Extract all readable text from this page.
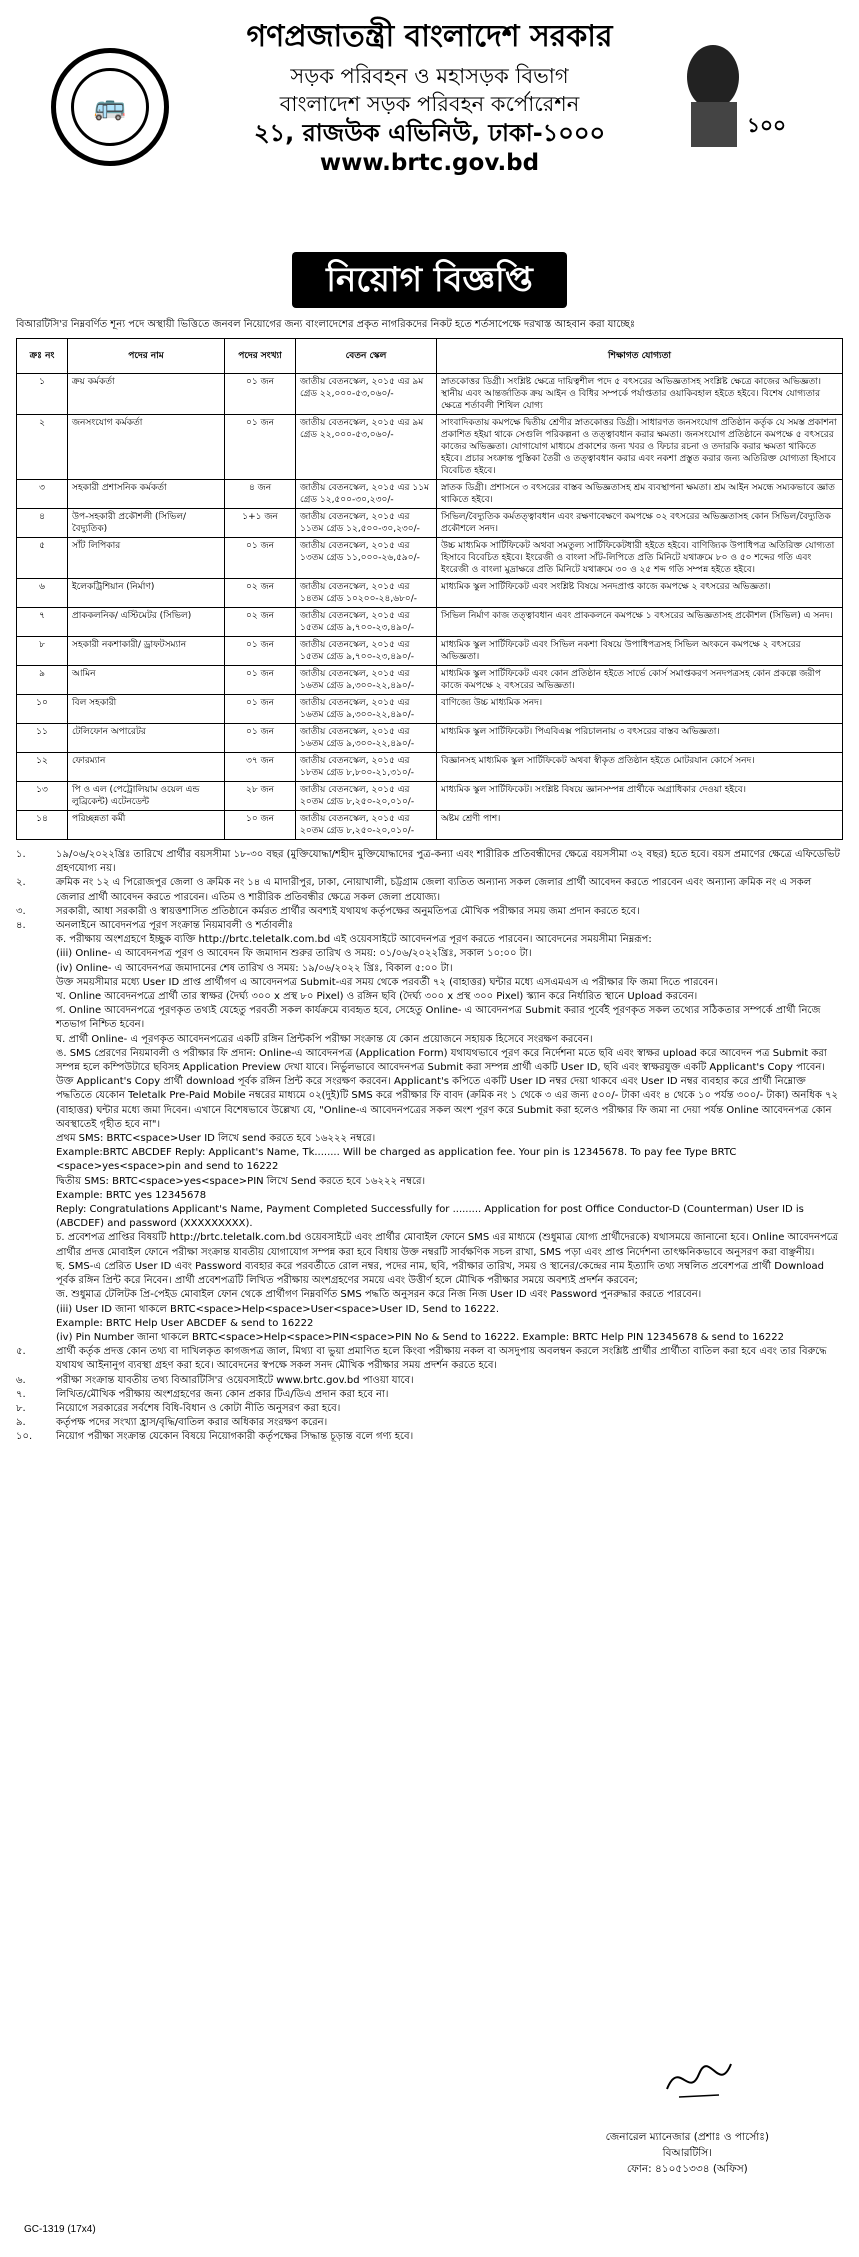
🚌
১০০
গণপ্রজাতন্ত্রী বাংলাদেশ সরকার
সড়ক পরিবহন ও মহাসড়ক বিভাগ
বাংলাদেশ সড়ক পরিবহন কর্পোরেশন
২১, রাজউক এভিনিউ, ঢাকা-১০০০
www.brtc.gov.bd
নিয়োগ বিজ্ঞপ্তি
বিআরটিসি'র নিম্নবর্ণিত শূন্য পদে অস্থায়ী ভিত্তিতে জনবল নিয়োগের জন্য বাংলাদেশের প্রকৃত নাগরিকদের নিকট হতে শর্তসাপেক্ষে দরখাস্ত আহবান করা যাচ্ছেঃ
ক্রঃ নং	পদের নাম	পদের সংখ্যা	বেতন স্কেল	শিক্ষাগত যোগ্যতা
১	ক্রয় কর্মকর্তা	০১ জন	জাতীয় বেতনস্কেল, ২০১৫ এর ৯ম গ্রেড ২২,০০০-৫৩,০৬০/-	স্নাতকোত্তর ডিগ্রী। সংশ্লিষ্ট ক্ষেত্রে দায়িত্বশীল পদে ৫ বৎসরের অভিজ্ঞতাসহ সংশ্লিষ্ট ক্ষেত্রে কাজের অভিজ্ঞতা। স্থানীয় এবং আন্তর্জাতিক ক্রয় আইন ও বিধির সম্পর্কে পর্যাপ্ততার ওয়াকিবহাল হইতে হইবে। বিশেষ যোগ্যতার ক্ষেত্রে শর্তাবলী শিথিল যোগ্য
২	জনসংযোগ কর্মকর্তা	০১ জন	জাতীয় বেতনস্কেল, ২০১৫ এর ৯ম গ্রেড ২২,০০০-৫৩,০৬০/-	সাংবাদিকতায় কমপক্ষে দ্বিতীয় শ্রেণীর স্নাতকোত্তর ডিগ্রী। সাধারণত জনসংযোগ প্রতিষ্ঠান কর্তৃক যে সমস্ত প্রকাশনা প্রকাশিত হইয়া থাকে সেগুলি পরিকল্পনা ও তত্ত্বাবধান করার ক্ষমতা। জনসংযোগ প্রতিষ্ঠানে কমপক্ষে ৫ বৎসরের কাজের অভিজ্ঞতা। যোগাযোগ মাধ্যমে প্রকাশের জন্য খবর ও ফিচার রচনা ও তদারকি করার ক্ষমতা থাকিতে হইবে। প্রচার সংক্রান্ত পুস্তিকা তৈরী ও তত্ত্বাবধান করার এবং নকশা প্রস্তুত করার জন্য অতিরিক্ত যোগ্যতা হিসাবে বিবেচিত হইবে।
৩	সহকারী প্রশাসনিক কর্মকর্তা	৪ জন	জাতীয় বেতনস্কেল, ২০১৫ এর ১১ম গ্রেড ১২,৫০০-৩০,২৩০/-	স্নাতক ডিগ্রী। প্রশাসনে ৩ বৎসরের বাস্তব অভিজ্ঞতাসহ শ্রম ব্যবস্থাপনা ক্ষমতা। শ্রম আইন সমন্ধে সম্যকভাবে জ্ঞাত থাকিতে হইবে।
৪	উপ-সহকারী প্রকৌশলী (সিভিল/ বৈদ্যুতিক)	১+১ জন	জাতীয় বেতনস্কেল, ২০১৫ এর ১১তম গ্রেড ১২,৫০০-৩০,২৩০/-	সিভিল/বৈদ্যুতিক কর্মতত্ত্বাবধান এবং রক্ষণাবেক্ষণে কমপক্ষে ০২ বৎসরের অভিজ্ঞতাসহ কোন সিভিল/বৈদ্যুতিক প্রকৌশলে সনদ।
৫	সাঁট লিপিকার	০১ জন	জাতীয় বেতনস্কেল, ২০১৫ এর ১৩তম গ্রেড ১১,০০০-২৬,৫৯০/-	উচ্চ মাধ্যমিক সার্টিফিকেট অথবা সমতুল্য সার্টিফিকেটধারী হইতে হইবে। বাণিজ্যিক উপাধিপত্র অতিরিক্ত যোগ্যতা হিসাবে বিবেচিত হইবে। ইংরেজী ও বাংলা সাঁট-লিপিতে প্রতি মিনিটে যথাক্রমে ৮০ ও ৫০ শব্দের গতি এবং ইংরেজী ও বাংলা মুদ্রাক্ষরে প্রতি মিনিটে যথাক্রমে ৩০ ও ২৫ শব্দ গতি সম্পন্ন হইতে হইবে।
৬	ইলেকট্রিশিয়ান (নির্মাণ)	০২ জন	জাতীয় বেতনস্কেল, ২০১৫ এর ১৪তম গ্রেড ১০২০০-২৪,৬৮০/-	মাধ্যমিক স্কুল সার্টিফিকেট এবং সংশ্লিষ্ট বিষয়ে সনদপ্রাপ্ত কাজে কমপক্ষে ২ বৎসরের অভিজ্ঞতা।
৭	প্রাককলনিক/ এস্টিমেটর (সিভিল)	০২ জন	জাতীয় বেতনস্কেল, ২০১৫ এর ১৫তম গ্রেড ৯,৭০০-২৩,৪৯০/-	সিভিল নির্মাণ কাজ তত্ত্বাবধান এবং প্রাককলনে কমপক্ষে ১ বৎসরের অভিজ্ঞতাসহ প্রকৌশল (সিভিল) এ সনদ।
৮	সহকারী নকশাকারী/ ড্রাফটসম্যান	০১ জন	জাতীয় বেতনস্কেল, ২০১৫ এর ১৫তম গ্রেড ৯,৭০০-২৩,৪৯০/-	মাধ্যমিক স্কুল সার্টিফিকেট এবং সিভিল নকশা বিষয়ে উপাধিপত্রসহ সিভিল অংকনে কমপক্ষে ২ বৎসরের অভিজ্ঞতা।
৯	আমিন	০১ জন	জাতীয় বেতনস্কেল, ২০১৫ এর ১৬তম গ্রেড ৯,৩০০-২২,৪৯০/-	মাধ্যমিক স্কুল সার্টিফিকেট এবং কোন প্রতিষ্ঠান হইতে সার্ভে কোর্স সমাপ্তকরণ সনদপত্রসহ কোন প্রকল্পে জরীপ কাজে কমপক্ষে ২ বৎসরের অভিজ্ঞতা।
১০	বিল সহকারী	০১ জন	জাতীয় বেতনস্কেল, ২০১৫ এর ১৬তম গ্রেড ৯,৩০০-২২,৪৯০/-	বাণিজ্যে উচ্চ মাধ্যমিক সনদ।
১১	টেলিফোন অপারেটর	০১ জন	জাতীয় বেতনস্কেল, ২০১৫ এর ১৬তম গ্রেড ৯,৩০০-২২,৪৯০/-	মাধ্যমিক স্কুল সার্টিফিকেট। পিএবিএক্স পরিচালনায় ৩ বৎসরের বাস্তব অভিজ্ঞতা।
১২	ফোরম্যান	৩৭ জন	জাতীয় বেতনস্কেল, ২০১৫ এর ১৮তম গ্রেড ৮,৮০০-২১,৩১০/-	বিজ্ঞানসহ মাধ্যমিক স্কুল সার্টিফিকেট অথবা স্বীকৃত প্রতিষ্ঠান হইতে মোটরযান কোর্সে সনদ।
১৩	পি ও এল (পেট্রোলিয়াম ওয়েল এন্ড লুব্রিকেন্ট) এটেনডেন্ট	২৮ জন	জাতীয় বেতনস্কেল, ২০১৫ এর ২০তম গ্রেড ৮,২৫০-২০,০১০/-	মাধ্যমিক স্কুল সার্টিফিকেট। সংশ্লিষ্ট বিষয়ে জ্ঞানসম্পন্ন প্রার্থীকে অগ্রাধিকার দেওয়া হইবে।
১৪	পরিচ্ছন্নতা কর্মী	১০ জন	জাতীয় বেতনস্কেল, ২০১৫ এর ২০তম গ্রেড ৮,২৫০-২০,০১০/-	অষ্টম শ্রেণী পাশ।
১.	১৯/০৬/২০২২খ্রিঃ তারিখে প্রার্থীর বয়সসীমা ১৮-৩০ বছর (মুক্তিযোদ্ধা/শহীদ মুক্তিযোদ্ধাদের পুত্র-কন্যা এবং শারীরিক প্রতিবন্ধীদের ক্ষেত্রে বয়সসীমা ৩২ বছর) হতে হবে। বয়স প্রমাণের ক্ষেত্রে এফিডেভিট গ্রহণযোগ্য নয়।
২.	ক্রমিক নং ১২ এ পিরোজপুর জেলা ও ক্রমিক নং ১৪ এ মাদারীপুর, ঢাকা, নোয়াখালী, চট্টগ্রাম জেলা ব্যতিত অন্যান্য সকল জেলার প্রার্থী আবেদন করতে পারবেন এবং অন্যান্য ক্রমিক নং এ সকল জেলার প্রার্থী আবেদন করতে পারবেন। এতিম ও শারীরিক প্রতিবন্ধীর ক্ষেত্রে সকল জেলা প্রযোজ্য।
৩.	সরকারী, আধা সরকারী ও স্বায়ত্তশাসিত প্রতিষ্ঠানে কর্মরত প্রার্থীর অবশ্যই যথাযথ কর্তৃপক্ষের অনুমতিপত্র মৌখিক পরীক্ষার সময় জমা প্রদান করতে হবে।
৪.	অনলাইনে আবেদনপত্র পূরণ সংক্রান্ত নিয়মাবলী ও শর্তাবলীঃ
ক. পরীক্ষায় অংশগ্রহণে ইচ্ছুক ব্যক্তি http://brtc.teletalk.com.bd এই ওয়েবসাইটে আবেদনপত্র পূরণ করতে পারবেন। আবেদনের সময়সীমা নিম্নরূপ:
(iii) Online- এ আবেদনপত্র পূরণ ও আবেদন ফি জমাদান শুরুর তারিখ ও সময়: ০১/০৬/২০২২খ্রিঃ, সকাল ১০:০০ টা।
(iv) Online- এ আবেদনপত্র জমাদানের শেষ তারিখ ও সময়: ১৯/০৬/২০২২ খ্রিঃ, বিকাল ৫:০০ টা।
উক্ত সময়সীমার মধ্যে User ID প্রাপ্ত প্রার্থীগণ এ আবেদনপত্র Submit-এর সময় থেকে পরবর্তী ৭২ (বাহাত্তর) ঘন্টার মধ্যে এসএমএস এ পরীক্ষার ফি জমা দিতে পারবেন।
খ. Online আবেদনপত্রে প্রার্থী তার স্বাক্ষর (দৈর্ঘ্য ৩০০ x প্রস্থ ৮০ Pixel) ও রঙ্গিন ছবি (দৈর্ঘ্য ৩০০ x প্রস্থ ৩০০ Pixel) স্ক্যান করে নির্ধারিত স্থানে Upload করবেন।
গ. Online আবেদনপত্রে পূরণকৃত তথ্যই যেহেতু পরবর্তী সকল কার্যক্রমে ব্যবহৃত হবে, সেহেতু Online- এ আবেদনপত্র Submit করার পূর্বেই পূরণকৃত সকল তথ্যের সঠিকতার সম্পর্কে প্রার্থী নিজে শতভাগ নিশ্চিত হবেন।
ঘ. প্রার্থী Online- এ পূরণকৃত আবেদনপত্রের একটি রঙ্গিন প্রিন্টকপি পরীক্ষা সংক্রান্ত যে কোন প্রয়োজনে সহায়ক হিসেবে সংরক্ষণ করবেন।
ঙ. SMS প্রেরণের নিয়মাবলী ও পরীক্ষার ফি প্রদান: Online-এ আবেদনপত্র (Application Form) যথাযথভাবে পূরণ করে নির্দেশনা মতে ছবি এবং স্বাক্ষর upload করে আবেদন পত্র Submit করা সম্পন্ন হলে কম্পিউটারে ছবিসহ Application Preview দেখা যাবে। নির্ভুলভাবে আবেদনপত্র Submit করা সম্পন্ন প্রার্থী একটি User ID, ছবি এবং স্বাক্ষরযুক্ত একটি Applicant's Copy পাবেন। উক্ত Applicant's Copy প্রার্থী download পূর্বক রঙ্গিন প্রিন্ট করে সংরক্ষণ করবেন। Applicant's কপিতে একটি User ID নম্বর দেয়া থাকবে এবং User ID নম্বর ব্যবহার করে প্রার্থী নিম্নোক্ত পদ্ধতিতে যেকোন Teletalk Pre-Paid Mobile নম্বরের মাধ্যমে ০২(দুই)টি SMS করে পরীক্ষার ফি বাবদ (ক্রমিক নং ১ থেকে ৩ এর জন্য ৫০০/- টাকা এবং ৪ থেকে ১০ পর্যন্ত ৩০০/- টাকা) অনধিক ৭২ (বাহাত্তর) ঘন্টার মধ্যে জমা দিবেন। এখানে বিশেষভাবে উল্লেখ্য যে, "Online-এ আবেদনপত্রের সকল অংশ পূরণ করে Submit করা হলেও পরীক্ষার ফি জমা না দেয়া পর্যন্ত Online আবেদনপত্র কোন অবস্থাতেই গৃহীত হবে না"।
প্রথম SMS: BRTC<space>User ID লিখে send করতে হবে ১৬২২২ নম্বরে।
Example:BRTC ABCDEF Reply: Applicant's Name, Tk........ Will be charged as application fee. Your pin is 12345678. To pay fee Type BRTC <space>yes<space>pin and send to 16222
দ্বিতীয় SMS: BRTC<space>yes<space>PIN লিখে Send করতে হবে ১৬২২২ নম্বরে।
Example: BRTC yes 12345678
Reply: Congratulations Applicant's Name, Payment Completed Successfully for ......... Application for post Office Conductor-D (Counterman) User ID is (ABCDEF) and password (XXXXXXXXX).
চ. প্রবেশপত্র প্রাপ্তির বিষয়টি http://brtc.teletalk.com.bd ওয়েবসাইটে এবং প্রার্থীর মোবাইল ফোনে SMS এর মাধ্যমে (শুধুমাত্র যোগ্য প্রার্থীদেরকে) যথাসময়ে জানানো হবে। Online আবেদনপত্রে প্রার্থীর প্রদত্ত মোবাইল ফোনে পরীক্ষা সংক্রান্ত যাবতীয় যোগাযোগ সম্পন্ন করা হবে বিধায় উক্ত নম্বরটি সার্বক্ষণিক সচল রাখা, SMS পড়া এবং প্রাপ্ত নির্দেশনা তাৎক্ষনিকভাবে অনুসরণ করা বাঞ্ছনীয়।
ছ. SMS-এ প্রেরিত User ID এবং Password ব্যবহার করে পরবর্তীতে রোল নম্বর, পদের নাম, ছবি, পরীক্ষার তারিখ, সময় ও স্থানের/কেন্দ্রের নাম ইত্যাদি তথ্য সম্বলিত প্রবেশপত্র প্রার্থী Download পূর্বক রঙ্গিন প্রিন্ট করে নিবেন। প্রার্থী প্রবেশপত্রটি লিখিত পরীক্ষায় অংশগ্রহণের সময়ে এবং উত্তীর্ণ হলে মৌখিক পরীক্ষার সময়ে অবশ্যই প্রদর্শন করবেন;
জ. শুধুমাত্র টেলিটক প্রি-পেইড মোবাইল ফোন থেকে প্রার্থীগণ নিম্নবর্ণিত SMS পদ্ধতি অনুসরন করে নিজ নিজ User ID এবং Password পুনরুদ্ধার করতে পারবেন।
(iii) User ID জানা থাকলে BRTC<space>Help<space>User<space>User ID, Send to 16222.
Example: BRTC Help User ABCDEF & send to 16222
(iv) Pin Number জানা থাকলে BRTC<space>Help<space>PIN<space>PIN No & Send to 16222. Example: BRTC Help PIN 12345678 & send to 16222
৫.	প্রার্থী কর্তৃক প্রদত্ত কোন তথ্য বা দাখিলকৃত কাগজপত্র জাল, মিথ্যা বা ভুয়া প্রমাণিত হলে কিংবা পরীক্ষায় নকল বা অসদুপায় অবলম্বন করলে সংশ্লিষ্ট প্রার্থীর প্রার্থীতা বাতিল করা হবে এবং তার বিরুদ্ধে যথাযথ আইনানুগ ব্যবস্থা গ্রহণ করা হবে। আবেদনের স্বপক্ষে সকল সনদ মৌখিক পরীক্ষার সময় প্রদর্শন করতে হবে।
৬.	পরীক্ষা সংক্রান্ত যাবতীয় তথ্য বিআরটিসি'র ওয়েবসাইটে www.brtc.gov.bd পাওয়া যাবে।
৭.	লিখিত/মৌখিক পরীক্ষায় অংশগ্রহণের জন্য কোন প্রকার টিএ/ডিএ প্রদান করা হবে না।
৮.	নিয়োগে সরকারের সর্বশেষ বিধি-বিধান ও কোটা নীতি অনুসরণ করা হবে।
৯.	কর্তৃপক্ষ পদের সংখ্যা হ্রাস/বৃদ্ধি/বাতিল করার অধিকার সংরক্ষণ করেন।
১০.	নিয়োগ পরীক্ষা সংক্রান্ত যেকোন বিষয়ে নিয়োগকারী কর্তৃপক্ষের সিদ্ধান্ত চূড়ান্ত বলে গণ্য হবে।
জেনারেল ম্যানেজার (প্রশাঃ ও পার্সোঃ)
বিআরটিসি।
ফোন: ৪১০৫১৩৩৪ (অফিস)
GC-1319 (17x4)
